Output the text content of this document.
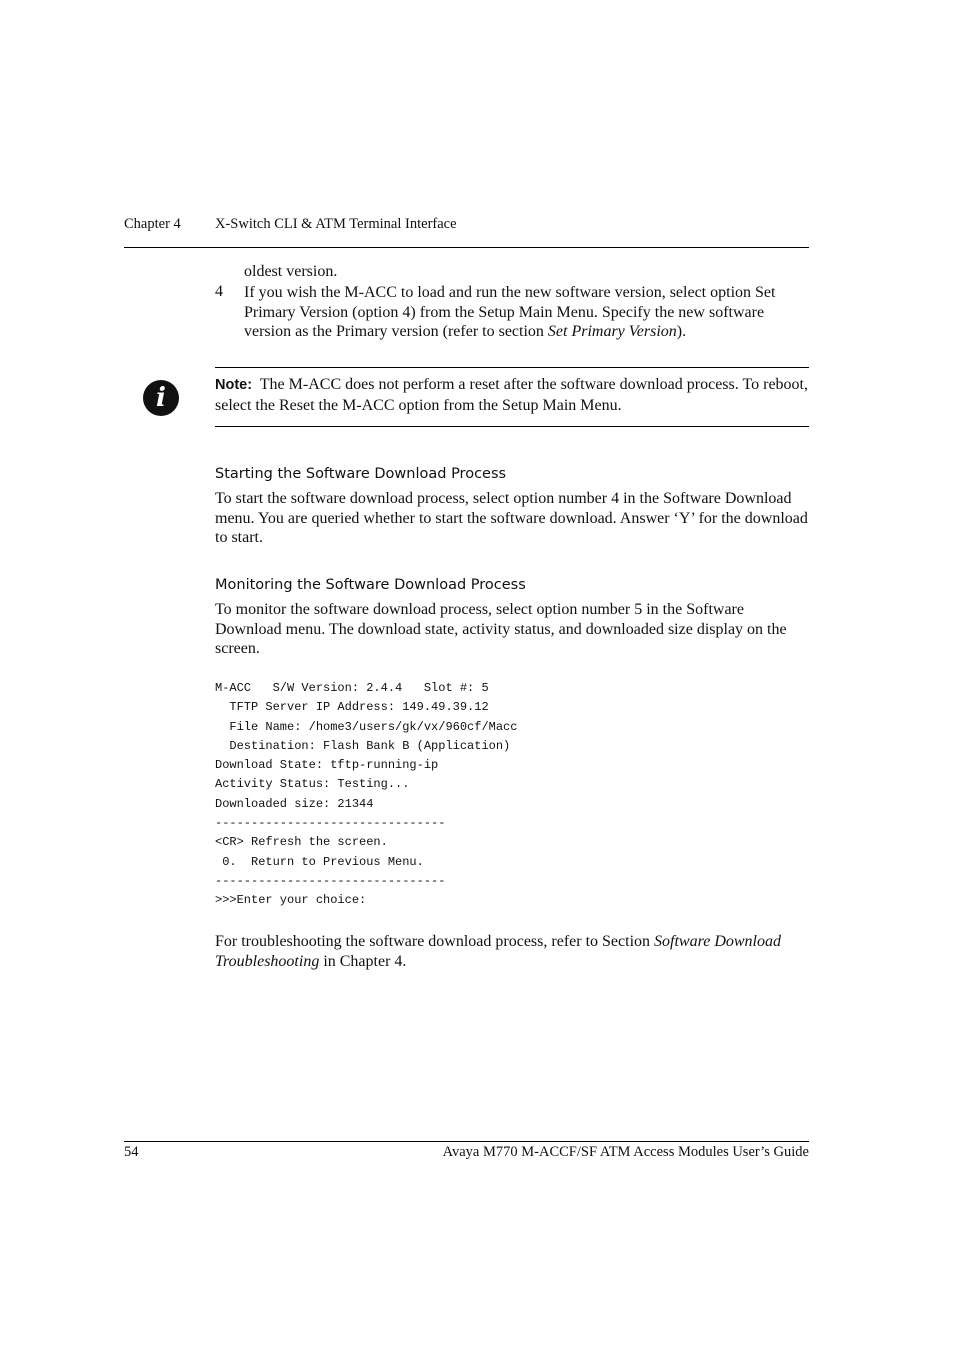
Chapter 4 X-Switch CLI & ATM Terminal Interface
oldest version.
4 If you wish the M-ACC to load and run the new software version, select option Set Primary Version (option 4) from the Setup Main Menu. Specify the new software version as the Primary version (refer to section Set Primary Version).
i	Note: The M-ACC does not perform a reset after the software download process. To reboot, select the Reset the M-ACC option from the Setup Main Menu.
Starting the Software Download Process
To start the software download process, select option number 4 in the Software Download menu. You are queried whether to start the software download. Answer ‘Y’ for the download to start.
Monitoring the Software Download Process
To monitor the software download process, select option number 5 in the Software Download menu. The download state, activity status, and downloaded size display on the screen.
M-ACC   S/W Version: 2.4.4   Slot #: 5
TFTP Server IP Address: 149.49.39.12
File Name: /home3/users/gk/vx/960cf/Macc
Destination: Flash Bank B (Application)
Download State: tftp-running-ip
Activity Status: Testing...
Downloaded size: 21344
--------------------------------
<CR> Refresh the screen.
0.  Return to Previous Menu.
--------------------------------
>>>Enter your choice:
For troubleshooting the software download process, refer to Section Software Download Troubleshooting in Chapter 4.
54	Avaya M770 M-ACCF/SF ATM Access Modules User’s Guide
